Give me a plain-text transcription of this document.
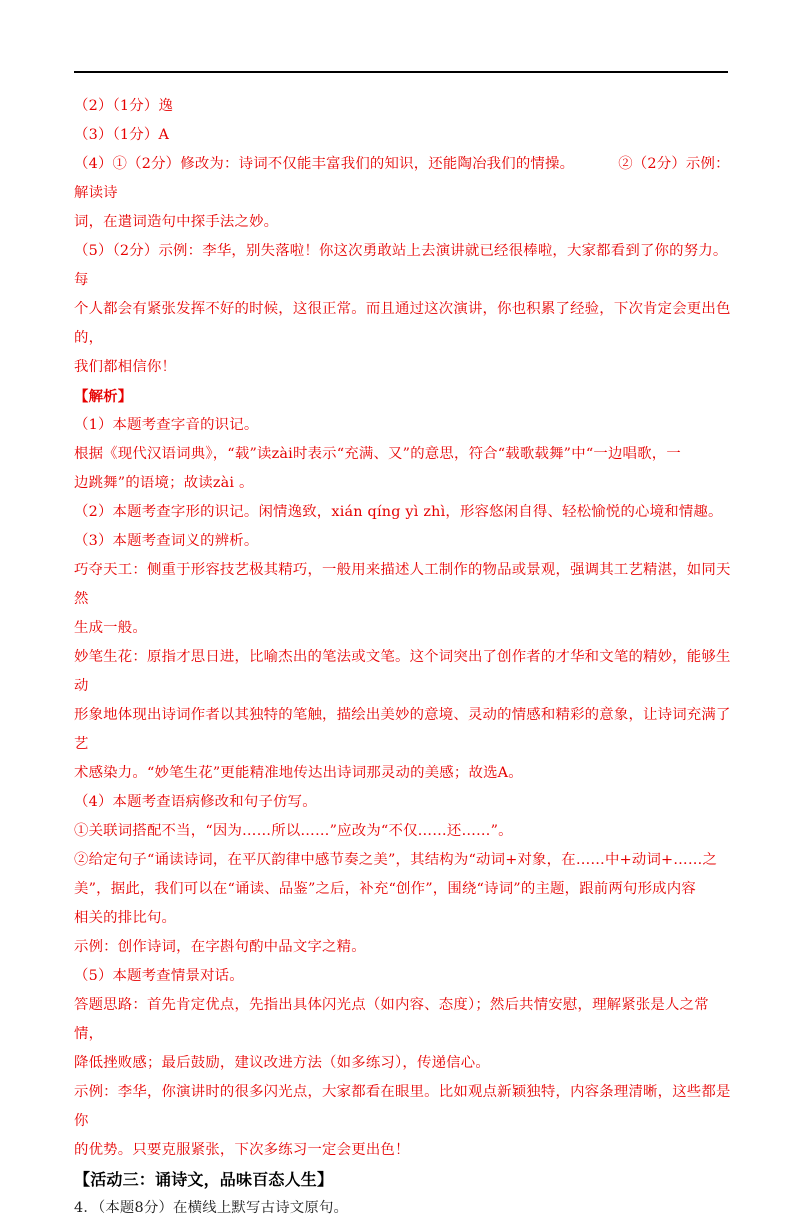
（2）（1分）逸

（3）（1分）A

（4）①（2分）修改为：诗词不仅能丰富我们的知识，还能陶冶我们的情操。	②（2分）示例：解读诗

词，在遣词造句中探手法之妙。

（5）（2分）示例：李华，别失落啦！你这次勇敢站上去演讲就已经很棒啦，大家都看到了你的努力。每

个人都会有紧张发挥不好的时候，这很正常。而且通过这次演讲，你也积累了经验，下次肯定会更出色的，

我们都相信你！

【解析】

（1）本题考查字音的识记。

根据《现代汉语词典》，“载”读zài时表示“充满、又”的意思，符合“载歌载舞”中“一边唱歌，一

边跳舞”的语境；故读zài 。

（2）本题考查字形的识记。闲情逸致，xián qíng yì zhì，形容悠闲自得、轻松愉悦的心境和情趣。

（3）本题考查词义的辨析。

巧夺天工：侧重于形容技艺极其精巧，一般用来描述人工制作的物品或景观，强调其工艺精湛，如同天然

生成一般。

妙笔生花：原指才思日进，比喻杰出的笔法或文笔。这个词突出了创作者的才华和文笔的精妙，能够生动

形象地体现出诗词作者以其独特的笔触，描绘出美妙的意境、灵动的情感和精彩的意象，让诗词充满了艺

术感染力。“妙笔生花”更能精准地传达出诗词那灵动的美感；故选A。

（4）本题考查语病修改和句子仿写。

①关联词搭配不当，“因为……所以……”应改为“不仅……还……”。

②给定句子“诵读诗词，在平仄韵律中感节奏之美”，其结构为“动词+对象，在……中+动词+……之

美”，据此，我们可以在“诵读、品鉴”之后，补充“创作”，围绕“诗词”的主题，跟前两句形成内容

相关的排比句。

示例：创作诗词，在字斟句酌中品文字之精。

（5）本题考查情景对话。

答题思路：首先肯定优点，先指出具体闪光点（如内容、态度）；然后共情安慰，理解紧张是人之常情，

降低挫败感；最后鼓励，建议改进方法（如多练习），传递信心。

示例：李华，你演讲时的很多闪光点，大家都看在眼里。比如观点新颖独特，内容条理清晰，这些都是你

的优势。只要克服紧张，下次多练习一定会更出色！

【活动三：诵诗文，品味百态人生】

4．（本题8分）在横线上默写古诗文原句。
